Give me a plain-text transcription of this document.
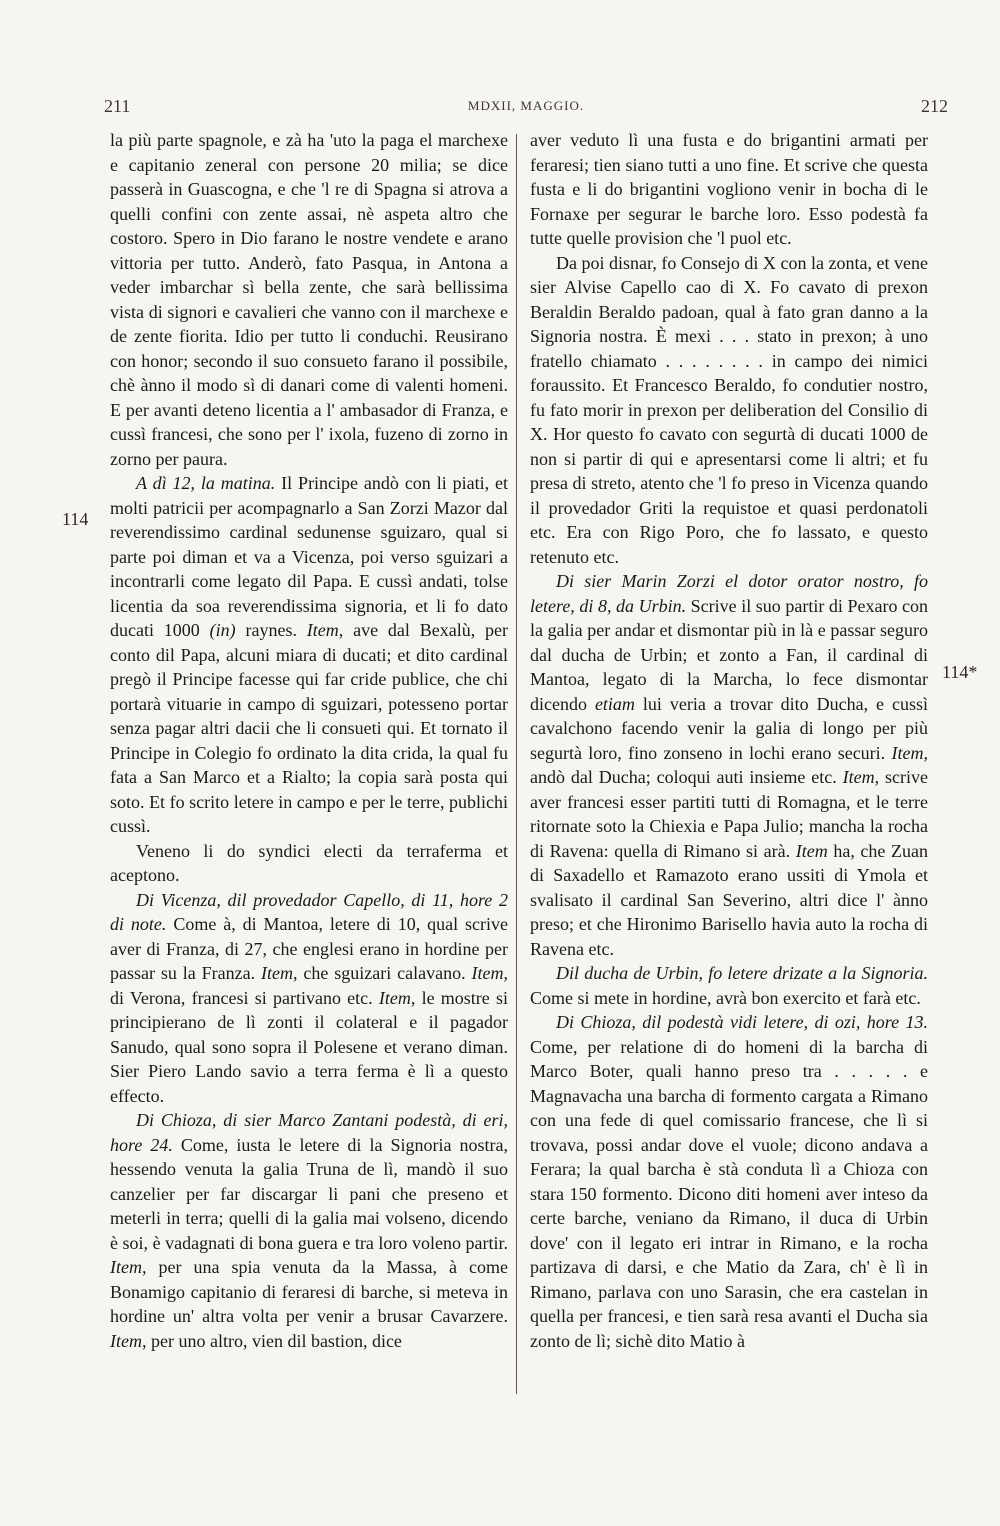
211	MDXII, MAGGIO.	212
114
114*

la più parte spagnole, e zà ha 'uto la paga el marchexe e capitanio zeneral con persone 20 milia; se dice passerà in Guascogna, e che 'l re di Spagna si atrova a quelli confini con zente assai, nè aspeta altro che costoro. Spero in Dio farano le nostre vendete e arano vittoria per tutto. Anderò, fato Pasqua, in Antona a veder imbarchar sì bella zente, che sarà bellissima vista di signori e cavalieri che vanno con il marchexe e de zente fiorita. Idio per tutto li conduchi. Reusirano con honor; secondo il suo consueto farano il possibile, chè ànno il modo sì di danari come di valenti homeni. E per avanti deteno licentia a l' ambasador di Franza, e cussì francesi, che sono per l' ixola, fuzeno di zorno in zorno per paura.

A dì 12, la matina. Il Principe andò con li piati, et molti patricii per acompagnarlo a San Zorzi Mazor dal reverendissimo cardinal sedunense sguizaro, qual si parte poi diman et va a Vicenza, poi verso sguizari a incontrarli come legato dil Papa. E cussì andati, tolse licentia da soa reverendissima signoria, et li fo dato ducati 1000 (in) raynes. Item, ave dal Bexalù, per conto dil Papa, alcuni miara di ducati; et dito cardinal pregò il Principe facesse qui far cride publice, che chi portarà vituarie in campo di sguizari, potesseno portar senza pagar altri dacii che li consueti qui. Et tornato il Principe in Colegio fo ordinato la dita crida, la qual fu fata a San Marco et a Rialto; la copia sarà posta qui soto. Et fo scrito letere in campo e per le terre, publichi cussì.

Veneno li do syndici electi da terraferma et aceptono.

Di Vicenza, dil provedador Capello, di 11, hore 2 di note. Come à, di Mantoa, letere di 10, qual scrive aver di Franza, di 27, che englesi erano in hordine per passar su la Franza. Item, che sguizari calavano. Item, di Verona, francesi si partivano etc. Item, le mostre si principierano de lì zonti il colateral e il pagador Sanudo, qual sono sopra il Polesene et verano diman. Sier Piero Lando savio a terra ferma è lì a questo effecto.

Di Chioza, di sier Marco Zantani podestà, di eri, hore 24. Come, iusta le letere di la Signoria nostra, hessendo venuta la galia Truna de lì, mandò il suo canzelier per far discargar li pani che preseno et meterli in terra; quelli di la galia mai volseno, dicendo è soi, è vadagnati di bona guera e tra loro voleno partir. Item, per una spia venuta da la Massa, à come Bonamigo capitanio di feraresi di barche, si meteva in hordine un' altra volta per venir a brusar Cavarzere. Item, per uno altro, vien dil bastion, dice

aver veduto lì una fusta e do brigantini armati per feraresi; tien siano tutti a uno fine. Et scrive che questa fusta e li do brigantini vogliono venir in bocha di le Fornaxe per segurar le barche loro. Esso podestà fa tutte quelle provision che 'l puol etc.

Da poi disnar, fo Consejo di X con la zonta, et vene sier Alvise Capello cao di X. Fo cavato di prexon Beraldin Beraldo padoan, qual à fato gran danno a la Signoria nostra. È mexi . . . stato in prexon; à uno fratello chiamato . . . . . . . . in campo dei nimici foraussito. Et Francesco Beraldo, fo condutier nostro, fu fato morir in prexon per deliberation del Consilio di X. Hor questo fo cavato con segurtà di ducati 1000 de non si partir di qui e apresentarsi come li altri; et fu presa di streto, atento che 'l fo preso in Vicenza quando il provedador Griti la requistoe et quasi perdonatoli etc. Era con Rigo Poro, che fo lassato, e questo retenuto etc.

Di sier Marin Zorzi el dotor orator nostro, fo letere, di 8, da Urbin. Scrive il suo partir di Pexaro con la galia per andar et dismontar più in là e passar seguro dal ducha de Urbin; et zonto a Fan, il cardinal di Mantoa, legato di la Marcha, lo fece dismontar dicendo etiam lui veria a trovar dito Ducha, e cussì cavalchono facendo venir la galia di longo per più segurtà loro, fino zonseno in lochi erano securi. Item, andò dal Ducha; coloqui auti insieme etc. Item, scrive aver francesi esser partiti tutti di Romagna, et le terre ritornate soto la Chiexia e Papa Julio; mancha la rocha di Ravena: quella di Rimano si arà. Item ha, che Zuan di Saxadello et Ramazoto erano ussiti di Ymola et svalisato il cardinal San Severino, altri dice l' ànno preso; et che Hironimo Barisello havia auto la rocha di Ravena etc.

Dil ducha de Urbin, fo letere drizate a la Signoria. Come si mete in hordine, avrà bon exercito et farà etc.

Di Chioza, dil podestà vidi letere, di ozi, hore 13. Come, per relatione di do homeni di la barcha di Marco Boter, quali hanno preso tra . . . . . e Magnavacha una barcha di formento cargata a Rimano con una fede di quel comissario francese, che lì si trovava, possi andar dove el vuole; dicono andava a Ferara; la qual barcha è stà conduta lì a Chioza con stara 150 formento. Dicono diti homeni aver inteso da certe barche, veniano da Rimano, il duca di Urbin dove' con il legato eri intrar in Rimano, e la rocha partizava di darsi, e che Matio da Zara, ch' è lì in Rimano, parlava con uno Sarasin, che era castelan in quella per francesi, e tien sarà resa avanti el Ducha sia zonto de lì; sichè dito Matio à
